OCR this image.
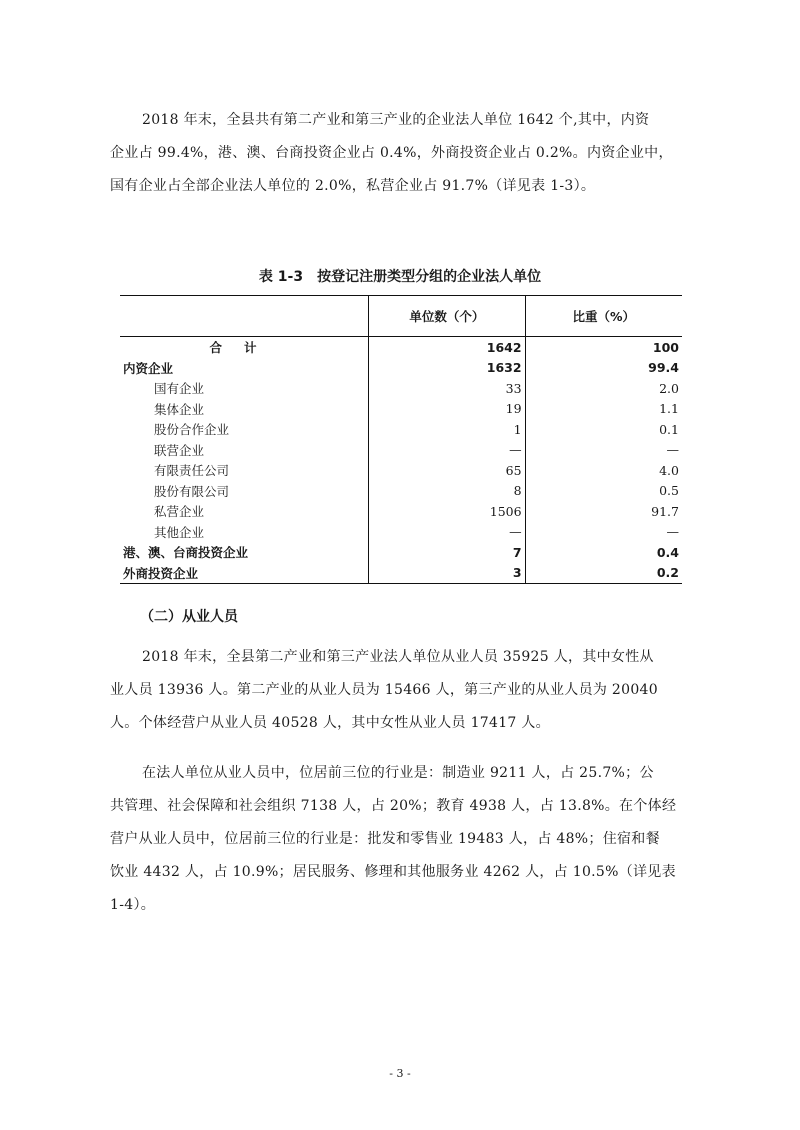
2018 年末，全县共有第二产业和第三产业的企业法人单位 1642 个,其中，内资
企业占 99.4%，港、澳、台商投资企业占 0.4%，外商投资企业占 0.2%。内资企业中，
国有企业占全部企业法人单位的 2.0%，私营企业占 91.7%（详见表 1-3）。
表 1-3　按登记注册类型分组的企业法人单位
	单位数（个）	比重（%）
合计	1642	100
内资企业	1632	99.4
国有企业	33	2.0
集体企业	19	1.1
股份合作企业	1	0.1
联营企业	—	—
有限责任公司	65	4.0
股份有限公司	8	0.5
私营企业	1506	91.7
其他企业	—	—
港、澳、台商投资企业	7	0.4
外商投资企业	3	0.2
（二）从业人员
2018 年末，全县第二产业和第三产业法人单位从业人员 35925 人，其中女性从
业人员 13936 人。第二产业的从业人员为 15466 人，第三产业的从业人员为 20040
人。个体经营户从业人员 40528 人，其中女性从业人员 17417 人。
在法人单位从业人员中，位居前三位的行业是：制造业 9211 人，占 25.7%；公
共管理、社会保障和社会组织 7138 人，占 20%；教育 4938 人，占 13.8%。在个体经
营户从业人员中，位居前三位的行业是：批发和零售业 19483 人，占 48%；住宿和餐
饮业 4432 人，占 10.9%；居民服务、修理和其他服务业 4262 人，占 10.5%（详见表
1-4）。
- 3 -
